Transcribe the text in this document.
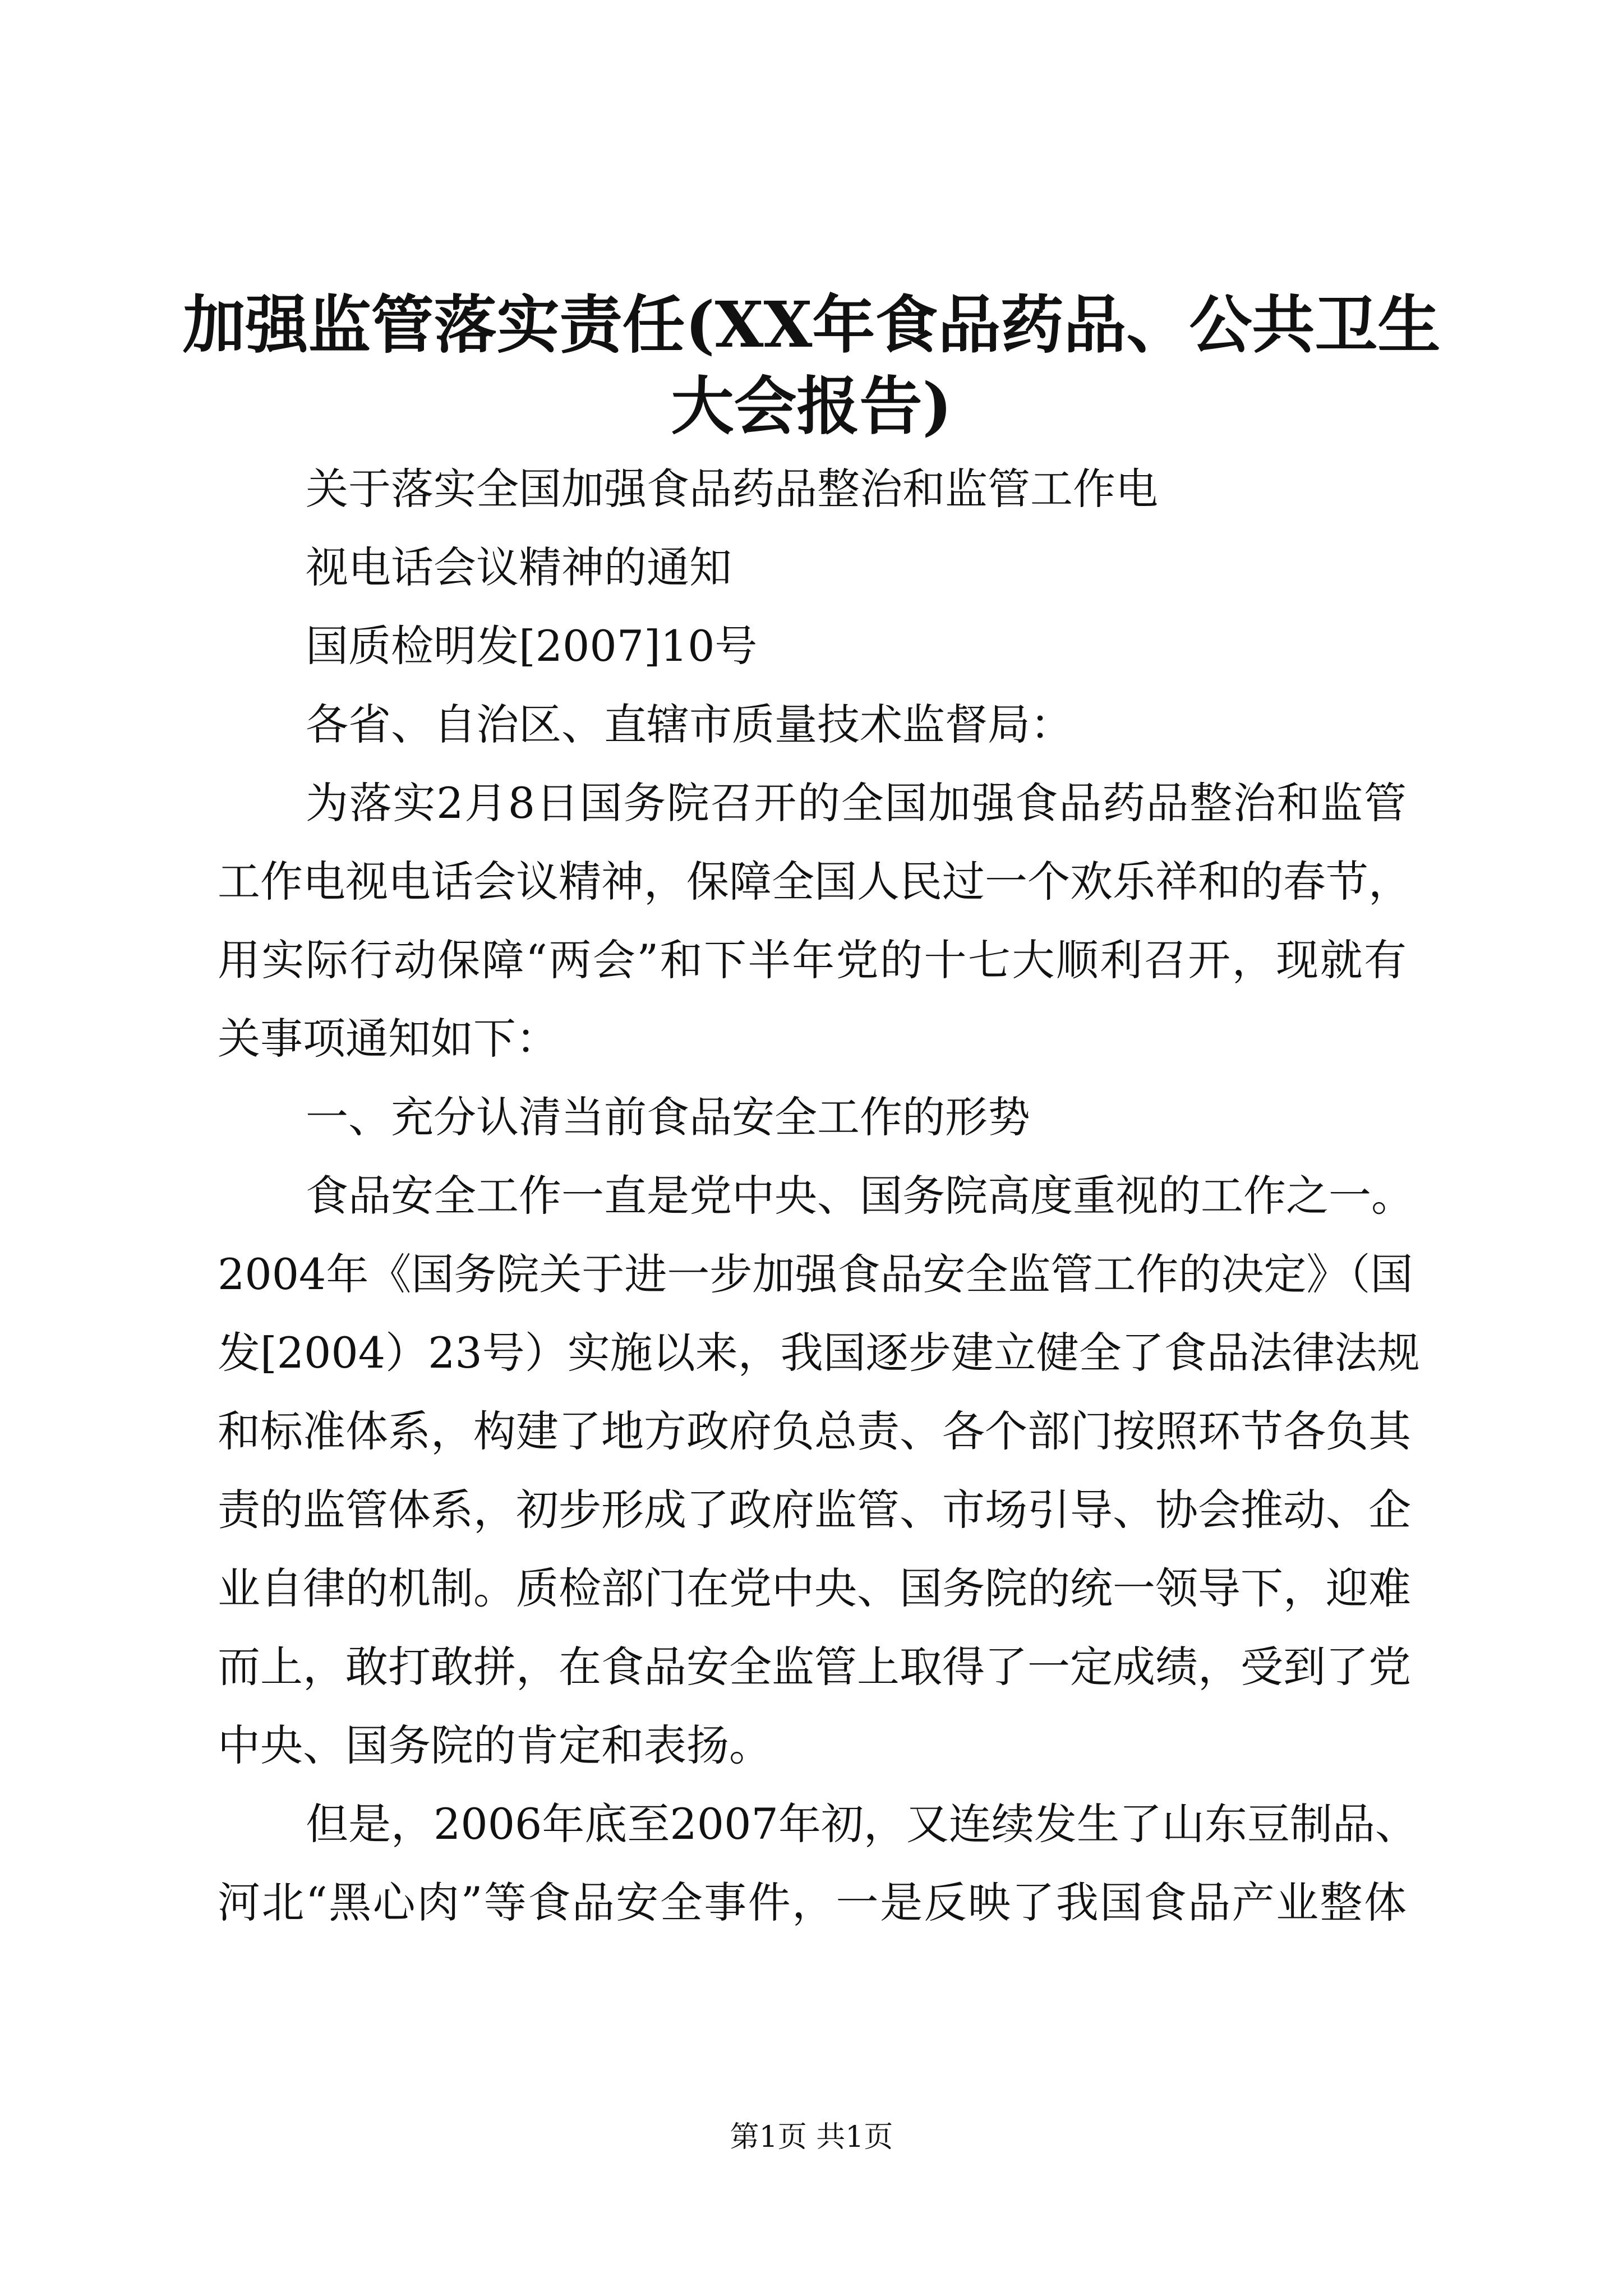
加强监管落实责任(XX年食品药品、公共卫生
大会报告)
关于落实全国加强食品药品整治和监管工作电
视电话会议精神的通知
国质检明发[2007]10号
各省、自治区、直辖市质量技术监督局：
为落实2月8日国务院召开的全国加强食品药品整治和监管
工作电视电话会议精神，保障全国人民过一个欢乐祥和的春节，
用实际行动保障“两会”和下半年党的十七大顺利召开，现就有
关事项通知如下：
一、充分认清当前食品安全工作的形势
食品安全工作一直是党中央、国务院高度重视的工作之一。
2004年《国务院关于进一步加强食品安全监管工作的决定》（国
发[2004）23号）实施以来，我国逐步建立健全了食品法律法规
和标准体系，构建了地方政府负总责、各个部门按照环节各负其
责的监管体系，初步形成了政府监管、市场引导、协会推动、企
业自律的机制。质检部门在党中央、国务院的统一领导下，迎难
而上，敢打敢拼，在食品安全监管上取得了一定成绩，受到了党
中央、国务院的肯定和表扬。
但是，2006年底至2007年初，又连续发生了山东豆制品、
河北“黑心肉”等食品安全事件，一是反映了我国食品产业整体
第1页 共1页
